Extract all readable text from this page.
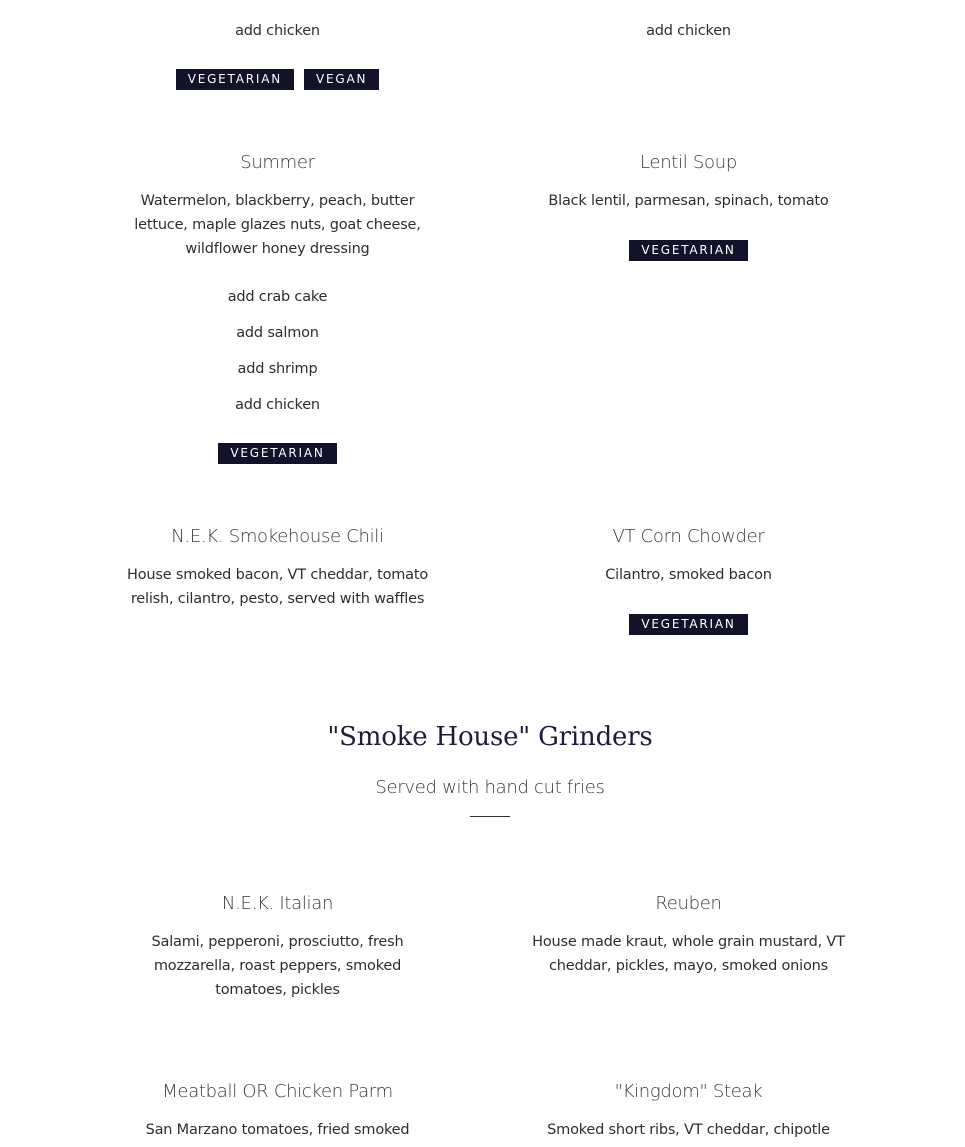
add chicken
VEGETARIAN	VEGAN
add chicken
Summer
Watermelon, blackberry, peach, butter
lettuce, maple glazes nuts, goat cheese,
wildflower honey dressing
add crab cake
add salmon
add shrimp
add chicken
VEGETARIAN
Lentil Soup
Black lentil, parmesan, spinach, tomato
VEGETARIAN
N.E.K. Smokehouse Chili
House smoked bacon, VT cheddar, tomato
relish, cilantro, pesto, served with waffles
VT Corn Chowder
Cilantro, smoked bacon
VEGETARIAN
"Smoke House" Grinders
Served with hand cut fries
N.E.K. Italian
Salami, pepperoni, prosciutto, fresh
mozzarella, roast peppers, smoked
tomatoes, pickles
Reuben
House made kraut, whole grain mustard, VT
cheddar, pickles, mayo, smoked onions
Meatball OR Chicken Parm
San Marzano tomatoes, fried smoked
"Kingdom" Steak
Smoked short ribs, VT cheddar, chipotle
